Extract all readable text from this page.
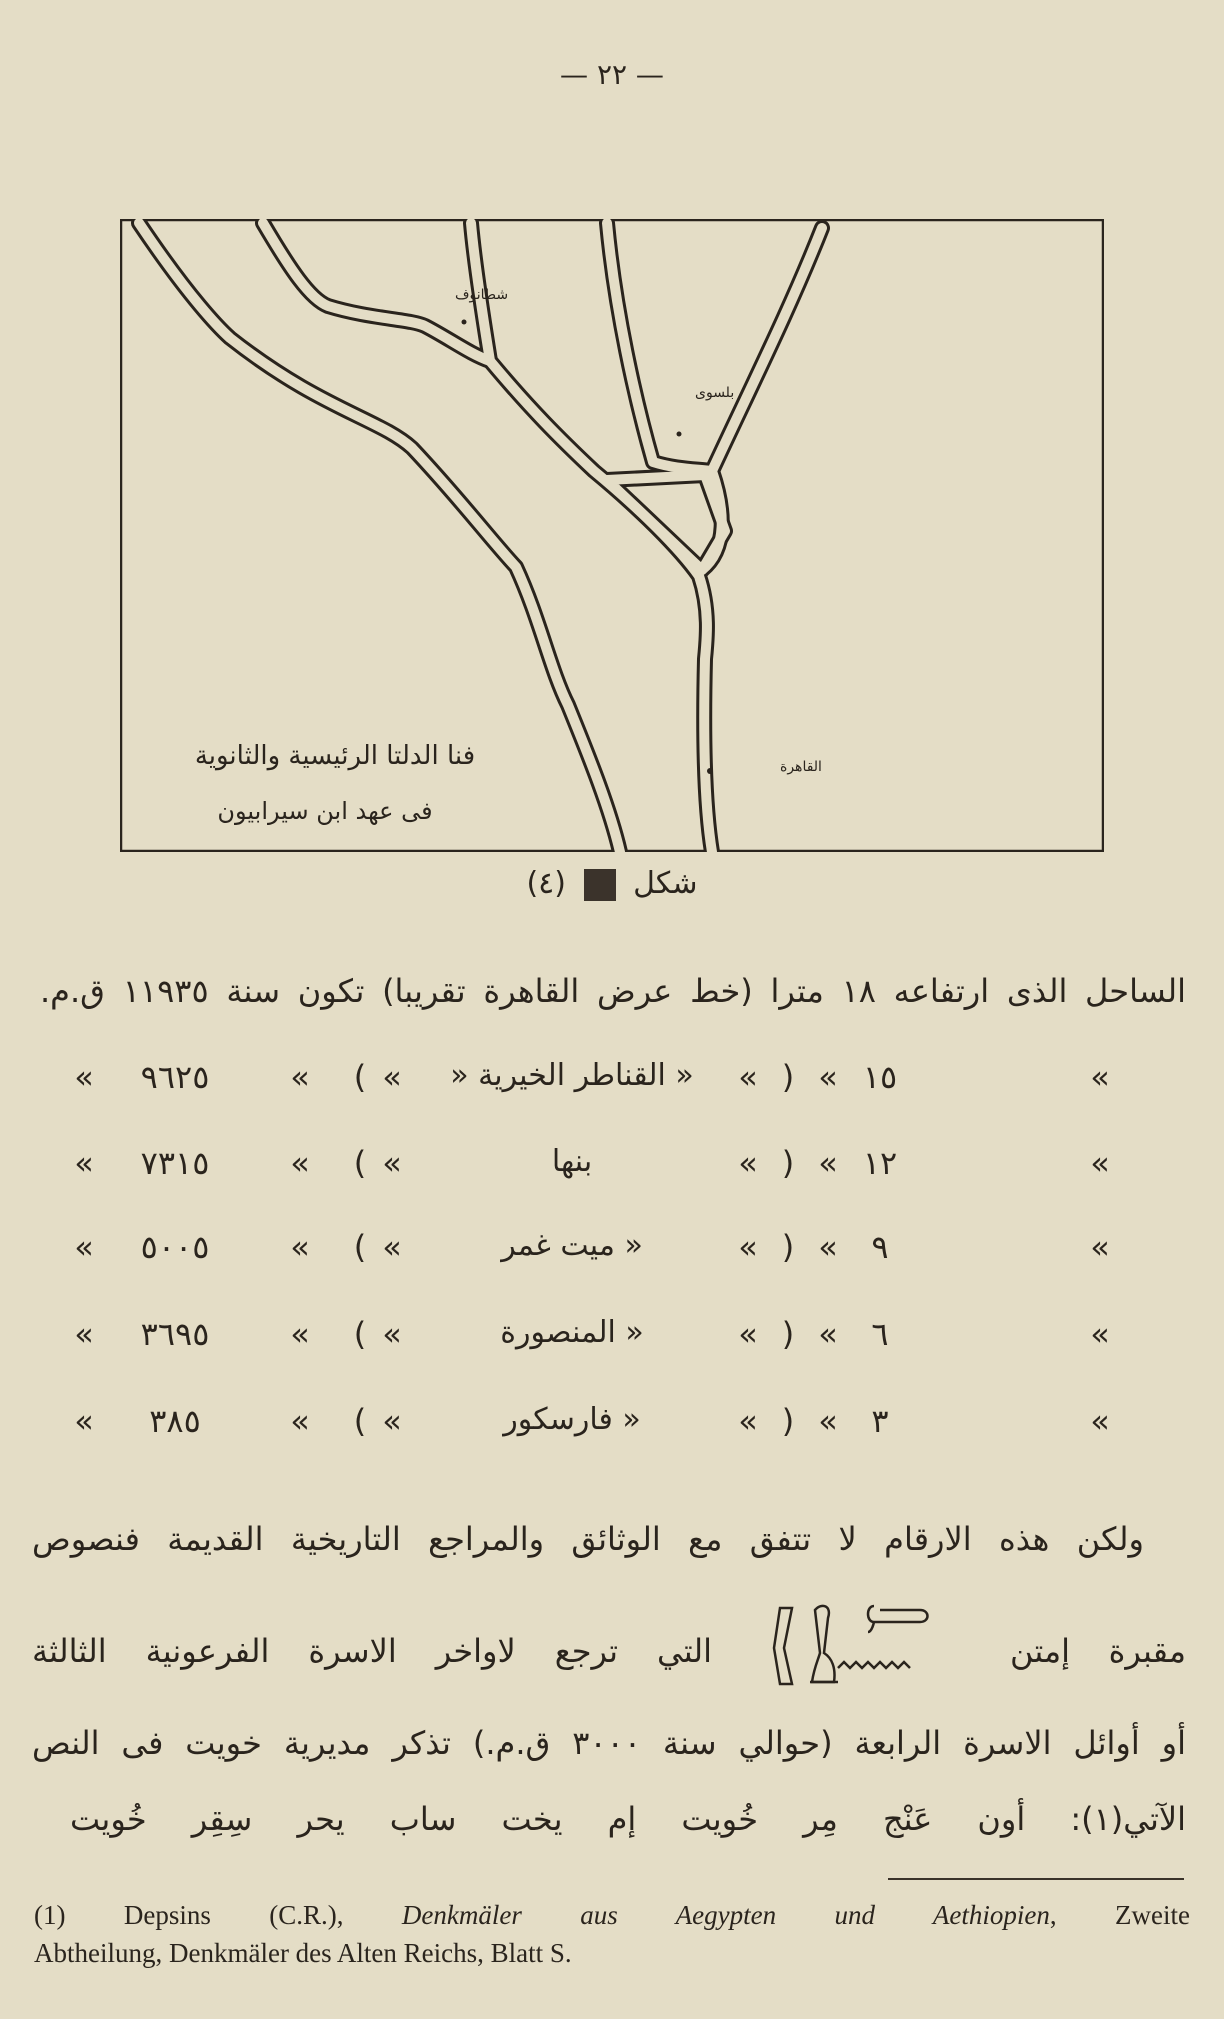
— ٢٢ —
شطانوف
بلسوى
القاهرة
فنا الدلتا الرئيسية والثانوية
فى عهد ابن سيرابيون
شكل  (٤)
الساحل الذى ارتفاعه ١٨ مترا (خط عرض القاهرة تقريبا) تكون سنة ١١٩٣٥ ق.م.
»
١٥
»
(
»
« القناطر الخيرية «
»
)
»
٩٦٢٥
»
»
١٢
»
(
»
بنها
»
)
»
٧٣١٥
»
»
٩
»
(
»
« ميت غمر
»
)
»
٥٠٠٥
»
»
٦
»
(
»
« المنصورة
»
)
»
٣٦٩٥
»
»
٣
»
(
»
« فارسكور
»
)
»
٣٨٥
»
ولكن هذه الارقام لا تتفق مع الوثائق والمراجع التاريخية القديمة فنصوص
التي ترجع لاواخر الاسرة الفرعونية الثالثة	مقبرة إمتن
أو أوائل الاسرة الرابعة (حوالي سنة ٣٠٠٠ ق.م.) تذكر مديرية خويت فى النص
الآتي(١): أون عَنْج مِر خُويت إم يخت ساب يحر سِقِر خُويت
(1) Depsins (C.R.), Denkmäler aus Aegypten und Aethiopien, Zweite
Abtheilung, Denkmäler des Alten Reichs, Blatt S.
